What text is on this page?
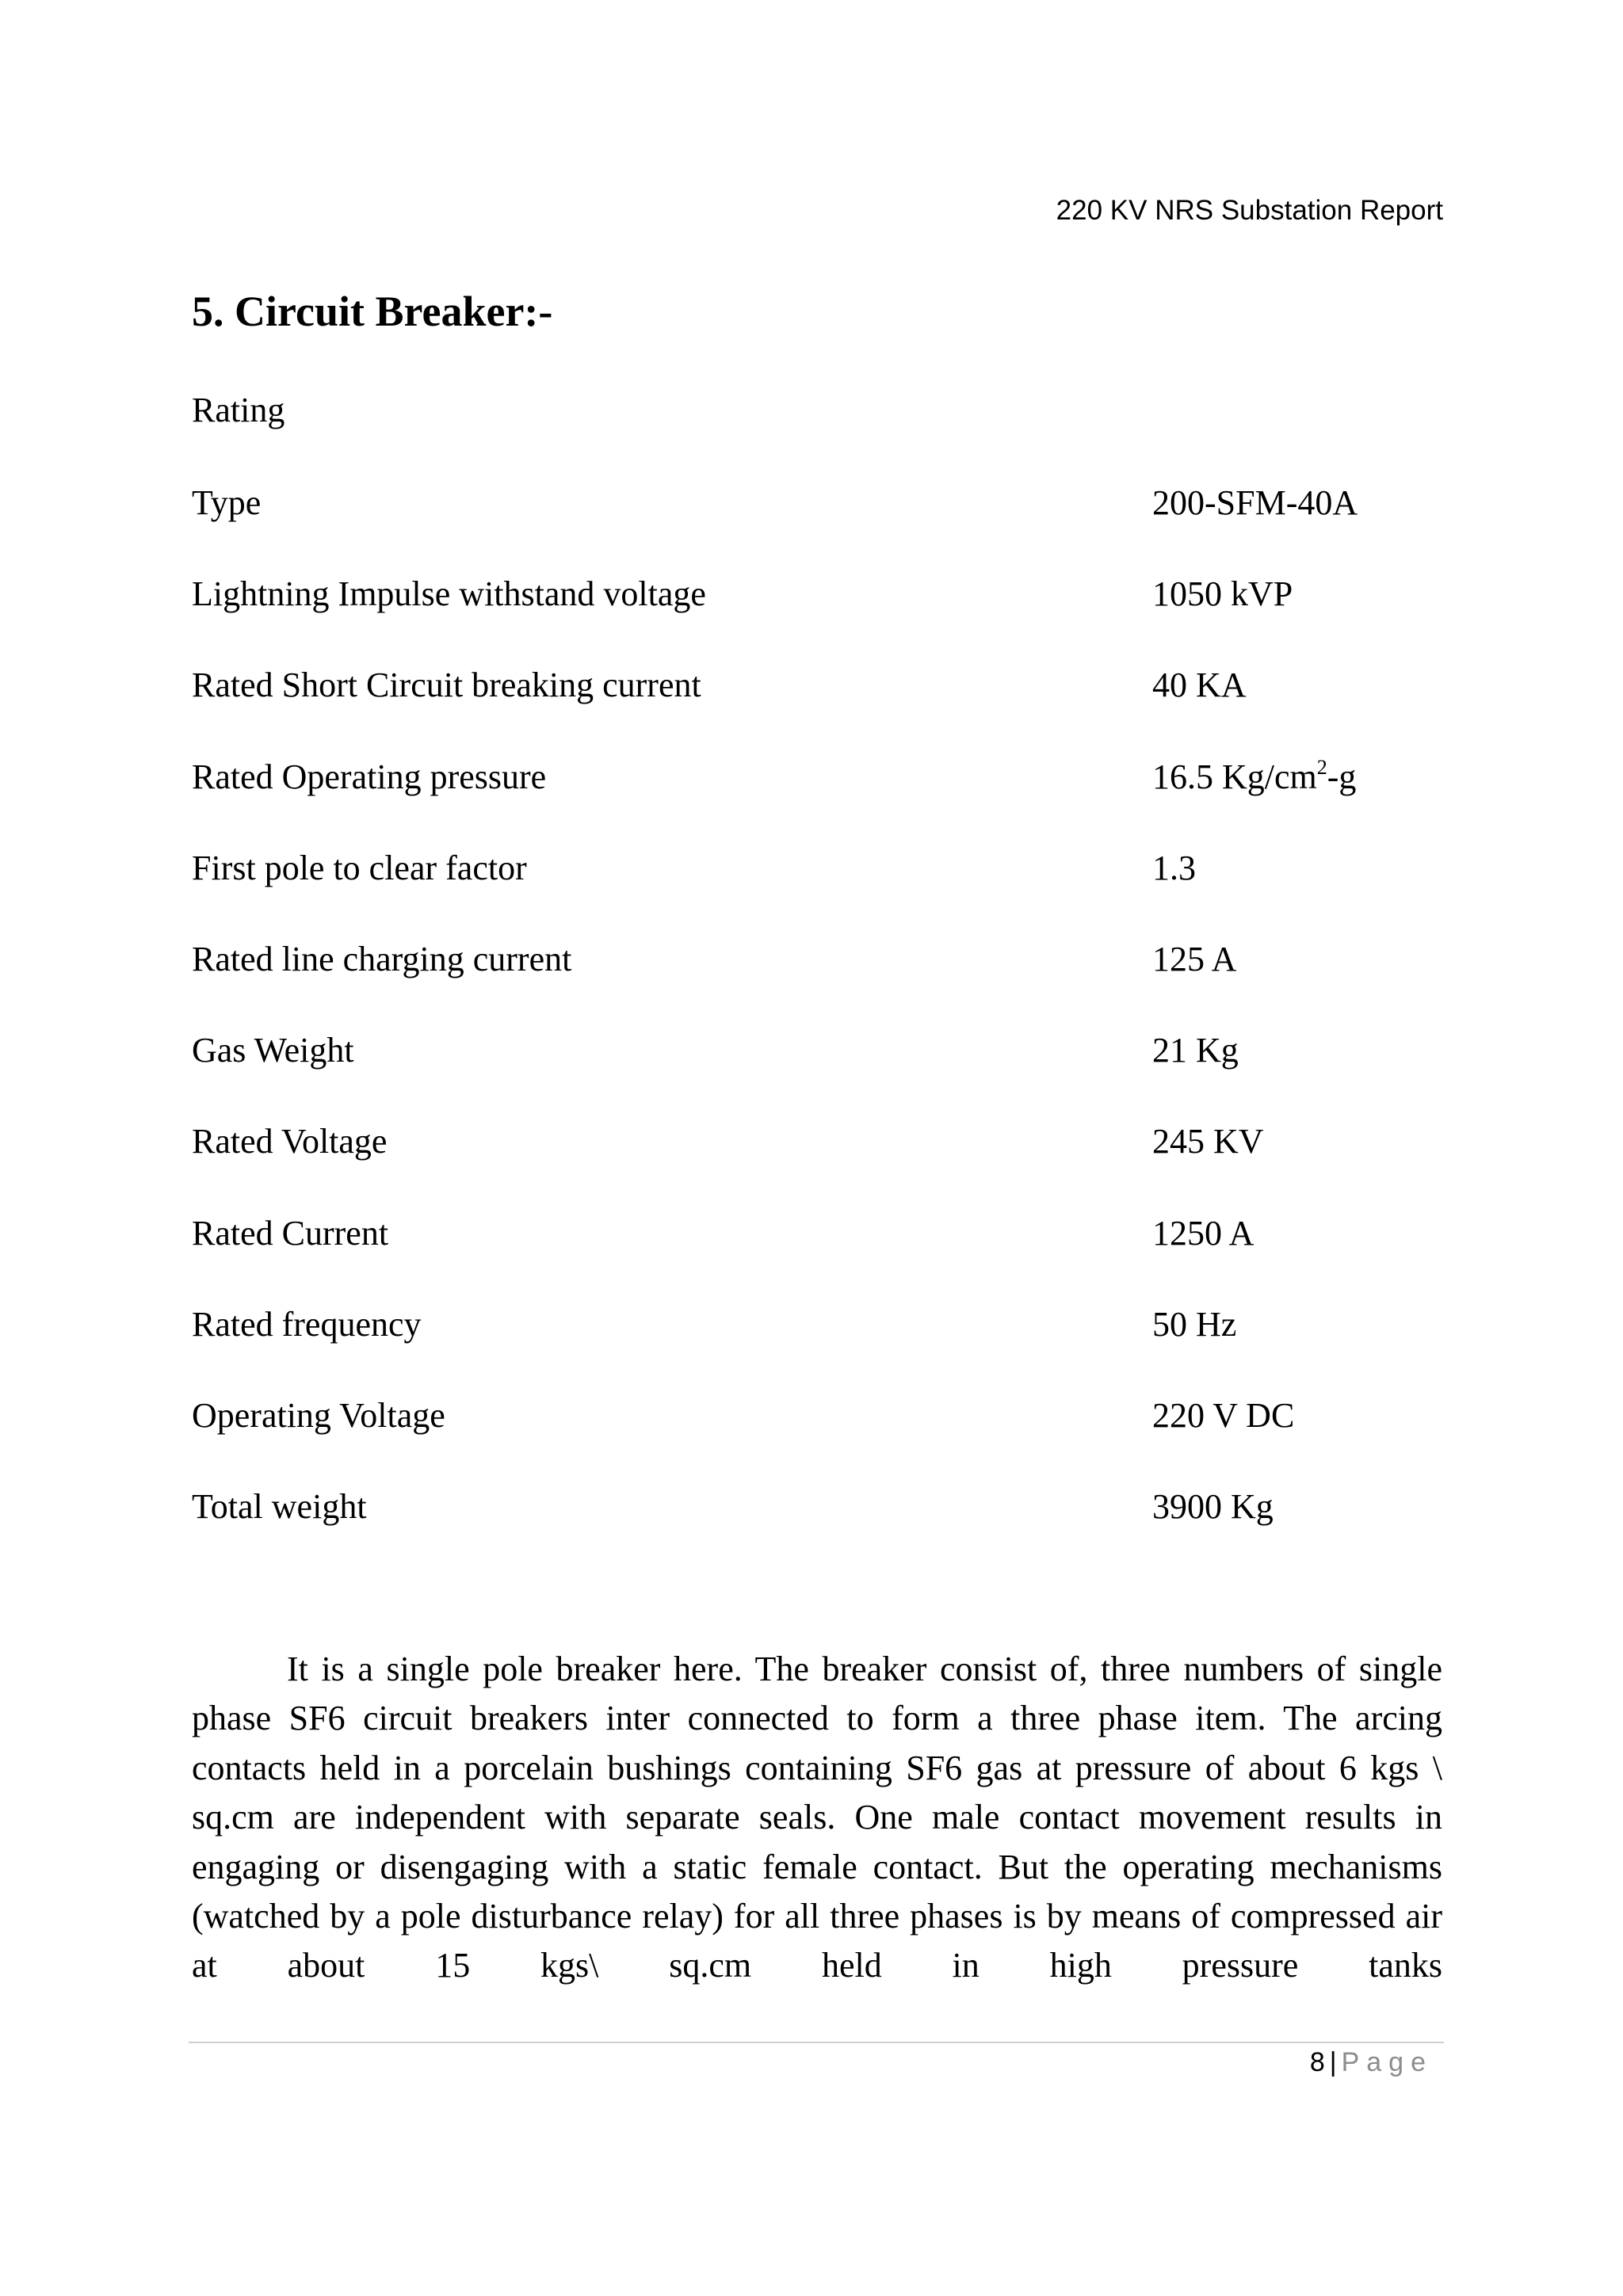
220 KV NRS Substation Report
5. Circuit Breaker:-
Rating
Type	200-SFM-40A
Lightning Impulse withstand voltage	1050 kVP
Rated Short Circuit breaking current	40 KA
Rated Operating pressure	16.5 $Kg/cm^2-g$
First pole to clear factor	1.3
Rated line charging current	125 A
Gas Weight	21 Kg
Rated Voltage	245 KV
Rated Current	1250 A
Rated frequency	50 Hz
Operating Voltage	220 V DC
Total weight	3900 Kg

It is a single pole breaker here. The breaker consist of, three numbers of single phase SF6 circuit breakers inter connected to form a three phase item. The arcing contacts held in a porcelain bushings containing SF6 gas at pressure of about 6 kgs \ sq.cm are independent with separate seals. One male contact movement results in engaging or disengaging with a static female contact. But the operating mechanisms (watched by a pole disturbance relay) for all three phases is by means of compressed air at about 15 kgs\ sq.cm held in high pressure tanks

8 | Page
